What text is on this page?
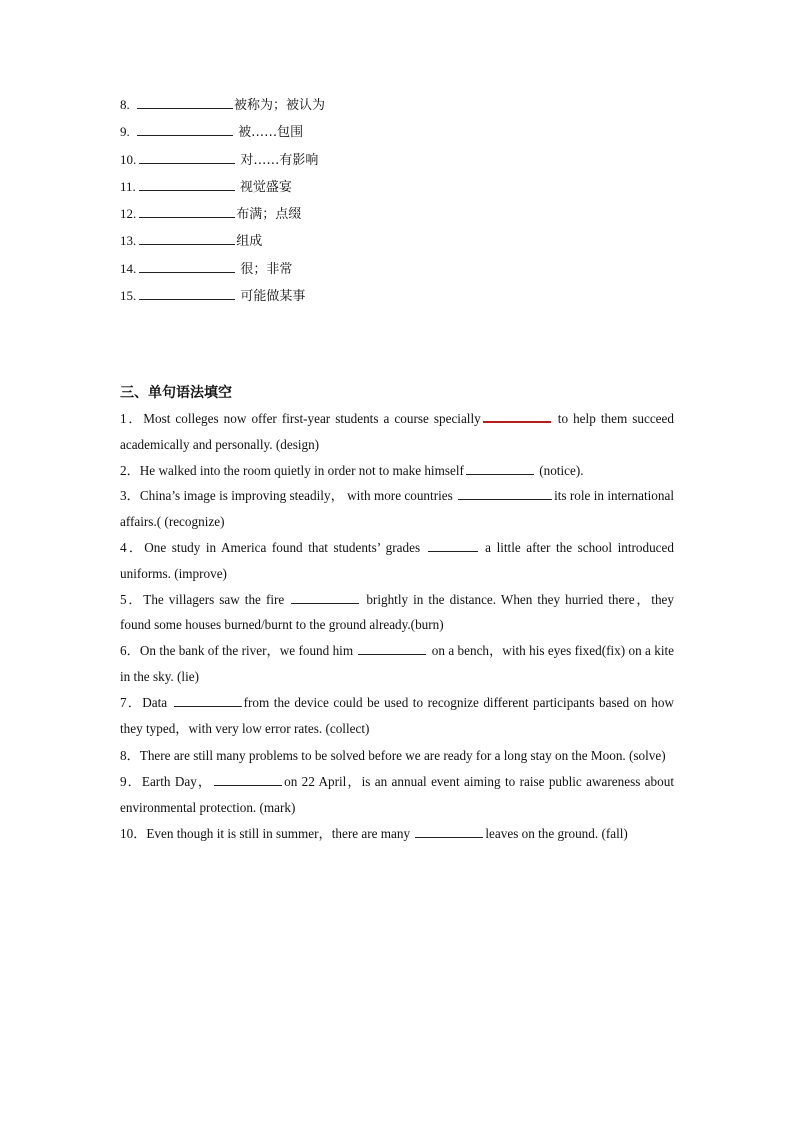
8.	被称为；被认为
9.	被……包围
10.	对……有影响
11.	视觉盛宴
12.	布满；点缀
13.	组成
14.	很；非常
15.	可能做某事
三、单句语法填空

1．Most colleges now offer first-year students a course specially	to help them succeed academically and personally. (design)

2．He walked into the room quietly in order not to make himself	(notice).

3．China’s image is improving steadily， with more countries	its role in international affairs.( (recognize)

4．One study in America found that students’ grades	a little after the school introduced uniforms. (improve)

5．The villagers saw the fire	brightly in the distance. When they hurried there，they found some houses burned/burnt to the ground already.(burn)

6．On the bank of the river，we found him	on a bench，with his eyes fixed(fix) on a kite in the sky. (lie)

7．Data	from the device could be used to recognize different participants based on how they typed，with very low error rates. (collect)

8．There are still many problems to be solved before we are ready for a long stay on the Moon. (solve)

9．Earth Day，	on 22 April，is an annual event aiming to raise public awareness about environmental protection. (mark)

10．Even though it is still in summer，there are many	leaves on the ground. (fall)
